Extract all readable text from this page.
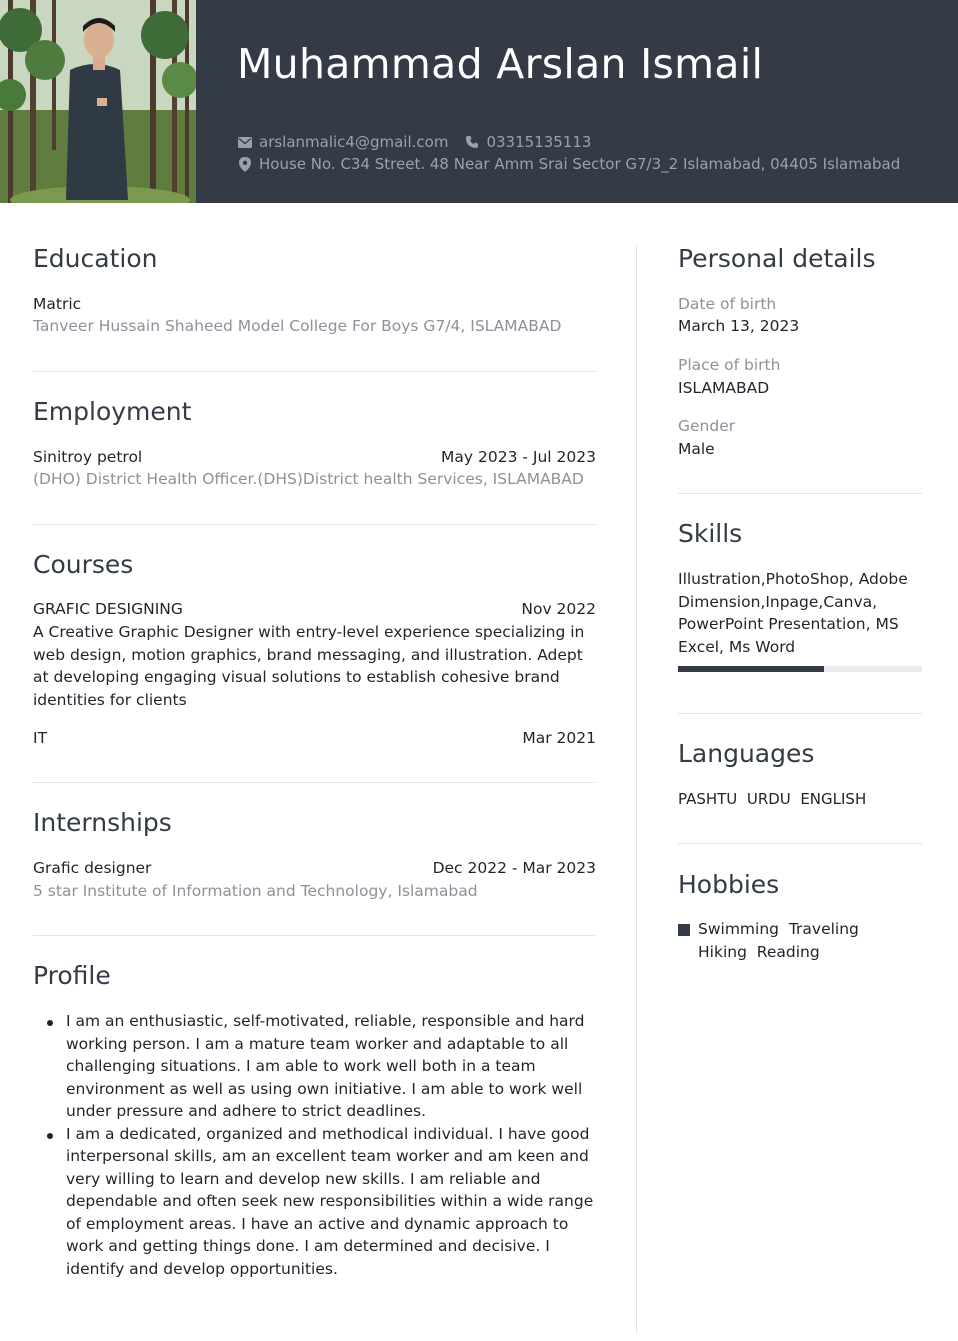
Muhammad Arslan Ismail
arslanmalic4@gmail.com	03315135113
House No. C34 Street. 48 Near Amm Srai Sector G7/3_2 Islamabad, 04405 Islamabad
Education
Matric
Tanveer Hussain Shaheed Model College For Boys G7/4, ISLAMABAD
Employment
Sinitroy petrol	May 2023 - Jul 2023
(DHO) District Health Officer.(DHS)District health Services, ISLAMABAD
Courses
GRAFIC DESIGNING	Nov 2022
A Creative Graphic Designer with entry-level experience specializing in web design, motion graphics, brand messaging, and illustration. Adept at developing engaging visual solutions to establish cohesive brand identities for clients
IT	Mar 2021
Internships
Grafic designer	Dec 2022 - Mar 2023
5 star Institute of Information and Technology, Islamabad
Profile
I am an enthusiastic, self-motivated, reliable, responsible and hard working person. I am a mature team worker and adaptable to all challenging situations. I am able to work well both in a team environment as well as using own initiative. I am able to work well under pressure and adhere to strict deadlines.
I am a dedicated, organized and methodical individual. I have good interpersonal skills, am an excellent team worker and am keen and very willing to learn and develop new skills. I am reliable and dependable and often seek new responsibilities within a wide range of employment areas. I have an active and dynamic approach to work and getting things done. I am determined and decisive. I identify and develop opportunities.
Personal details
Date of birth
March 13, 2023
Place of birth
ISLAMABAD
Gender
Male
Skills
Illustration,PhotoShop, Adobe Dimension,Inpage,Canva, PowerPoint Presentation, MS Excel, Ms Word
Languages
PASHTU URDU ENGLISH
Hobbies
Swimming  Traveling
Hiking  Reading
